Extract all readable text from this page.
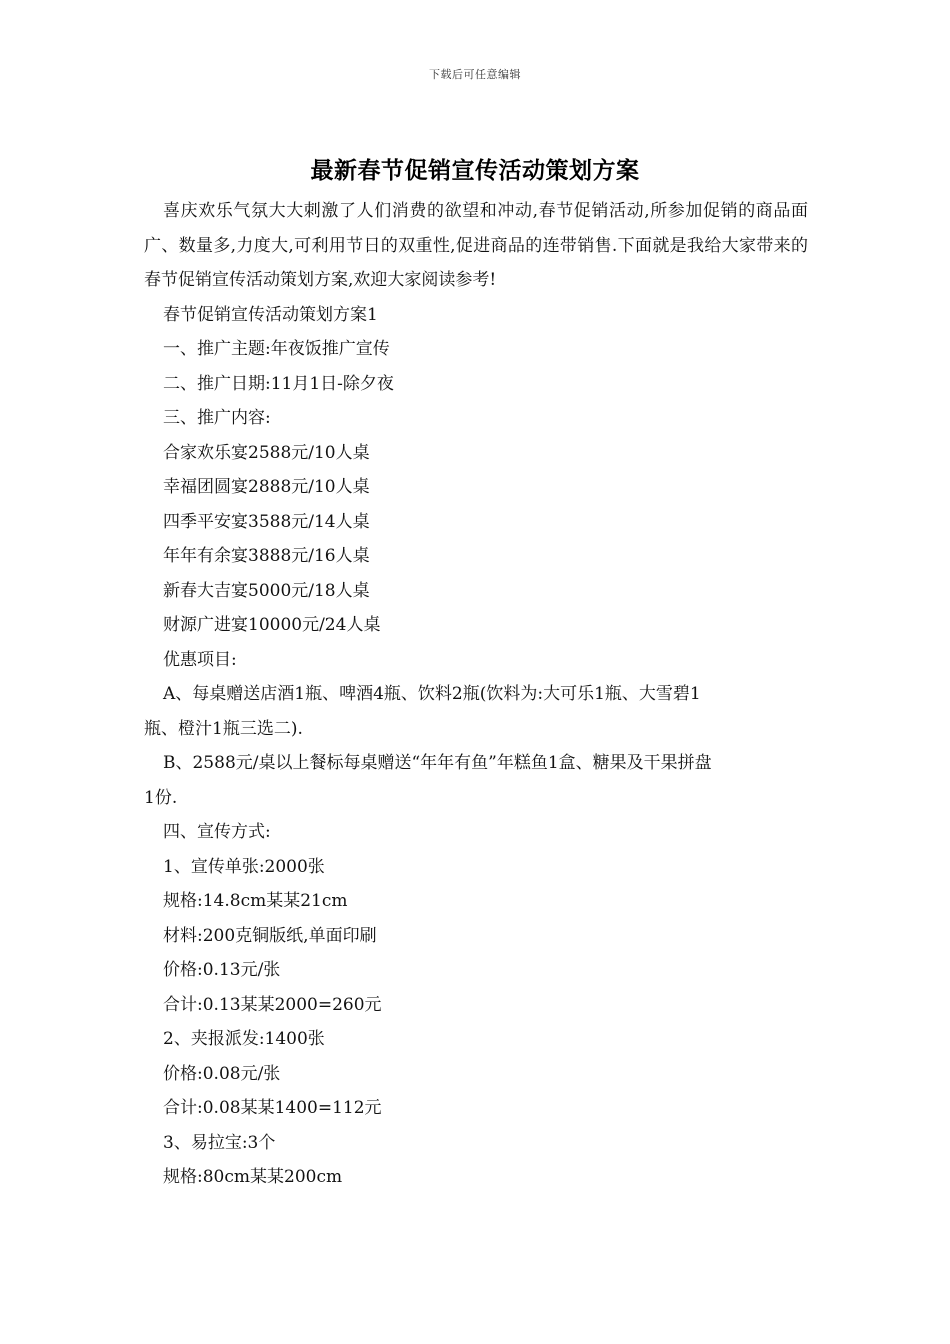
下载后可任意编辑
最新春节促销宣传活动策划方案

喜庆欢乐气氛大大刺激了人们消费的欲望和冲动,春节促销活动,所参加促销的商品面广、数量多,力度大,可利用节日的双重性,促进商品的连带销售.下面就是我给大家带来的春节促销宣传活动策划方案,欢迎大家阅读参考!

春节促销宣传活动策划方案1
一、推广主题:年夜饭推广宣传
二、推广日期:11月1日-除夕夜
三、推广内容:
合家欢乐宴2588元/10人桌
幸福团圆宴2888元/10人桌
四季平安宴3588元/14人桌
年年有余宴3888元/16人桌
新春大吉宴5000元/18人桌
财源广进宴10000元/24人桌
优惠项目:
A、每桌赠送店酒1瓶、啤酒4瓶、饮料2瓶(饮料为:大可乐1瓶、大雪碧1
瓶、橙汁1瓶三选二).
B、2588元/桌以上餐标每桌赠送“年年有鱼”年糕鱼1盒、糖果及干果拼盘
1份.
四、宣传方式:
1、宣传单张:2000张
规格:14.8cm某某21cm
材料:200克铜版纸,单面印刷
价格:0.13元/张
合计:0.13某某2000=260元
2、夹报派发:1400张
价格:0.08元/张
合计:0.08某某1400=112元
3、易拉宝:3个
规格:80cm某某200cm
